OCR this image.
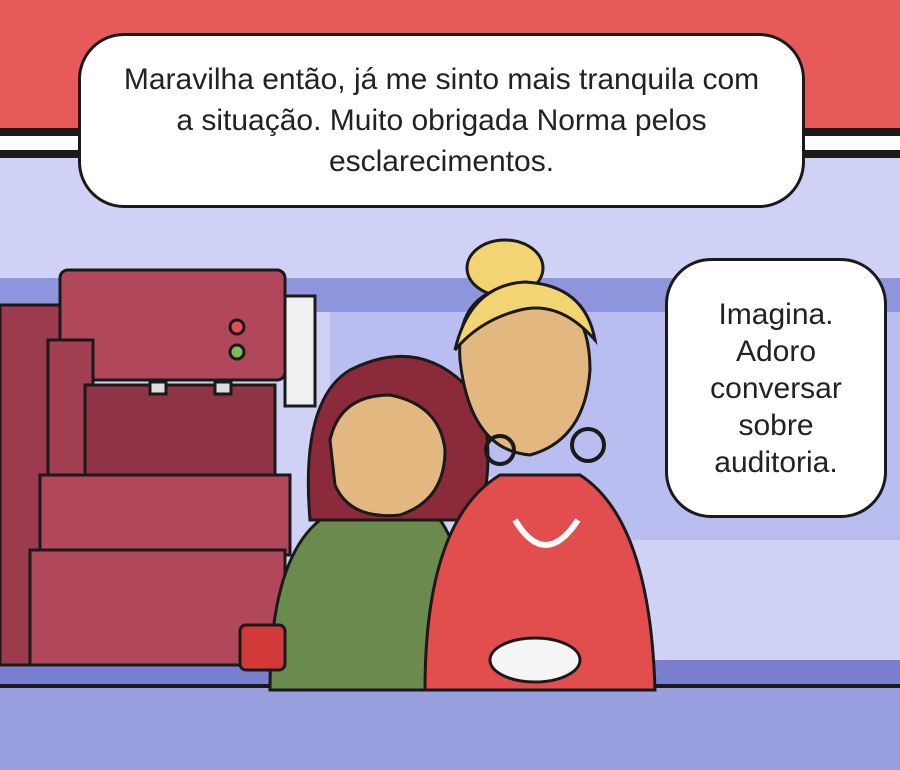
Maravilha então, já me sinto mais tranquila com a situação. Muito obrigada Norma pelos esclarecimentos.

Imagina. Adoro conversar sobre auditoria.
